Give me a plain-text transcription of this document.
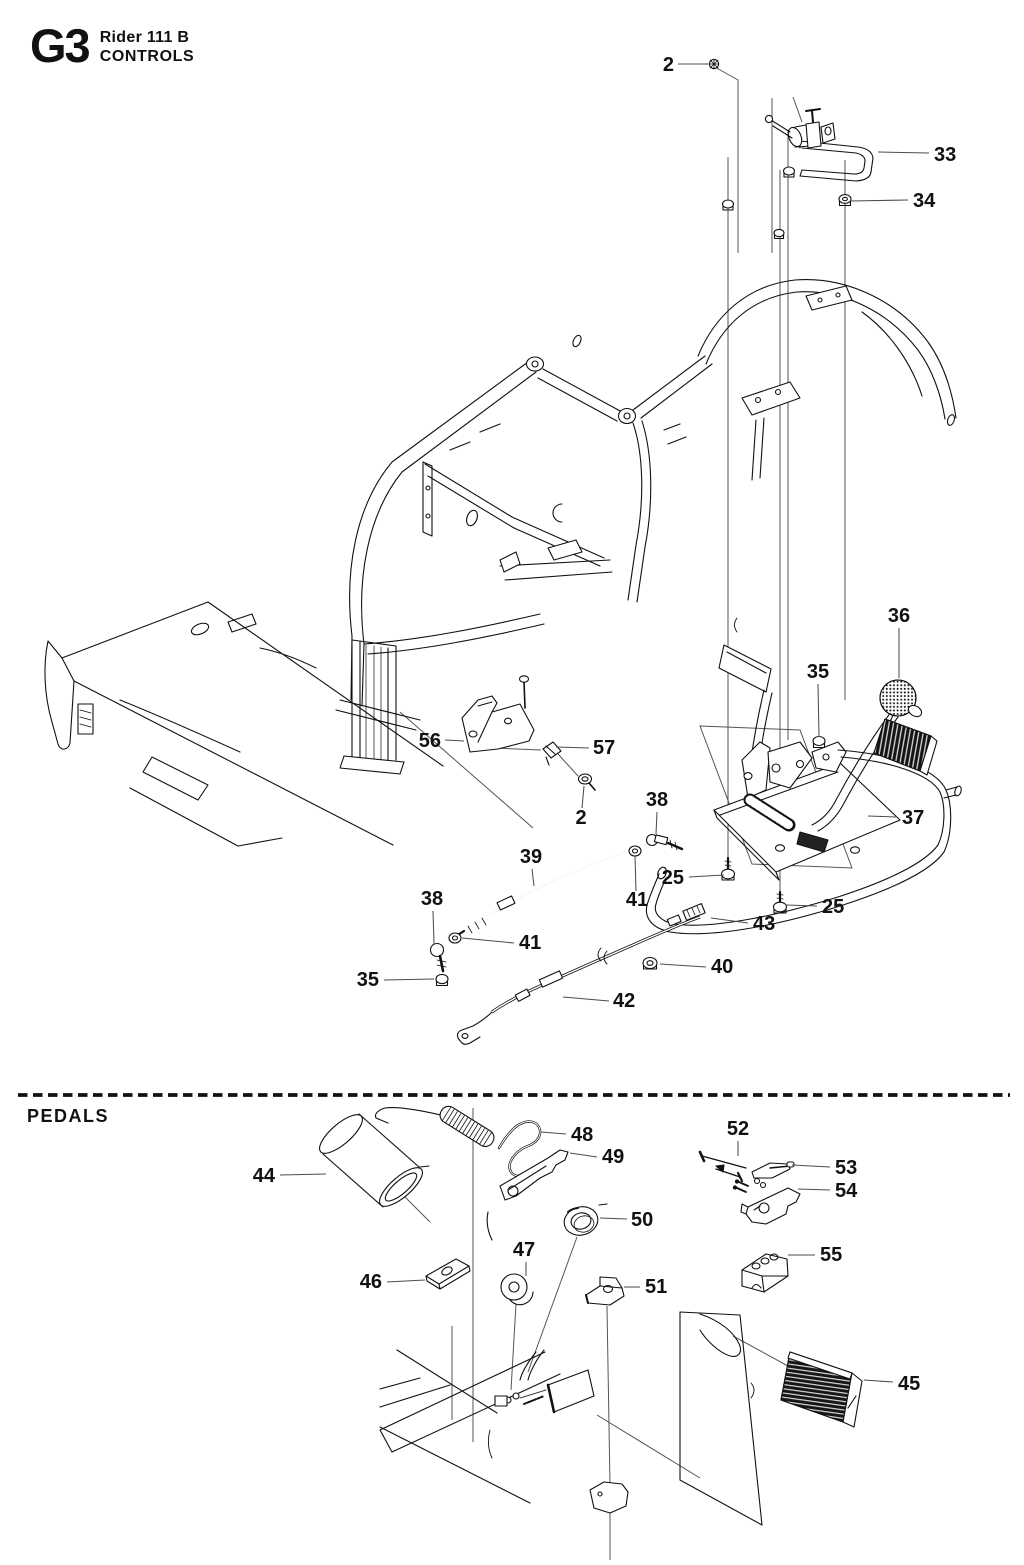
G3 Rider 111 B
CONTROLS
PEDALS
2
33
34
36
35
37
56	57
2
38
39
41
25
25
43
40
38
41
35
42
44
48
49
50
47
46	51
52
53
54
55
45
